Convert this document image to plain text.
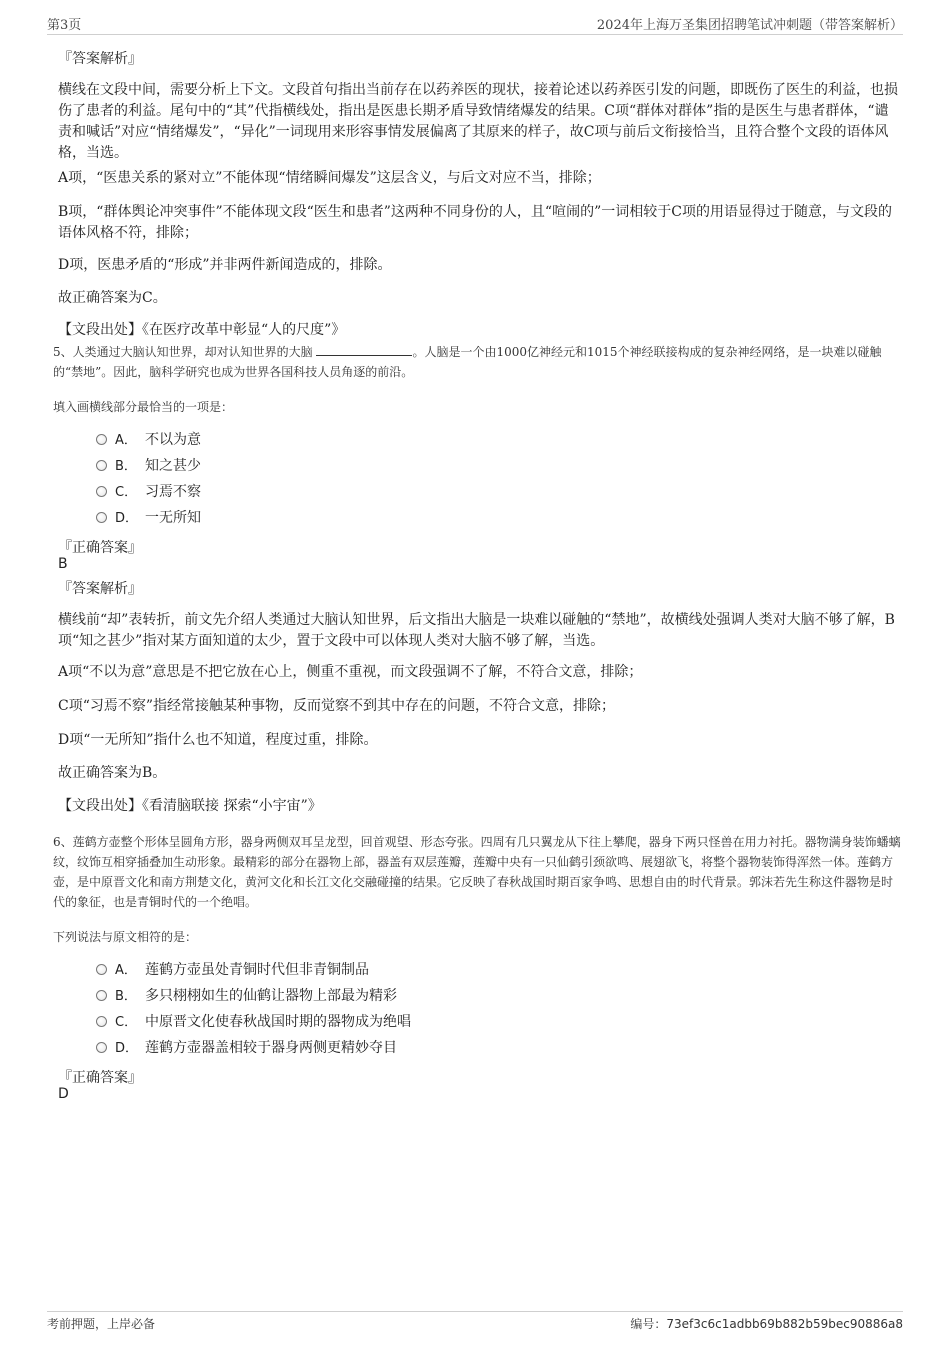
第3页	2024年上海万圣集团招聘笔试冲刺题（带答案解析）
『答案解析』
横线在文段中间，需要分析上下文。文段首句指出当前存在以药养医的现状，接着论述以药养医引发的问题，即既伤了医生的利益，也损伤了患者的利益。尾句中的“其”代指横线处，指出是医患长期矛盾导致情绪爆发的结果。C项“群体对群体”指的是医生与患者群体，“谴责和喊话”对应“情绪爆发”，“异化”一词现用来形容事情发展偏离了其原来的样子，故C项与前后文衔接恰当，且符合整个文段的语体风格，当选。
A项，“医患关系的紧对立”不能体现“情绪瞬间爆发”这层含义，与后文对应不当，排除；
B项，“群体舆论冲突事件”不能体现文段“医生和患者”这两种不同身份的人，且“喧闹的”一词相较于C项的用语显得过于随意，与文段的语体风格不符，排除；
D项，医患矛盾的“形成”并非两件新闻造成的，排除。
故正确答案为C。
【文段出处】《在医疗改革中彰显“人的尺度”》
5、人类通过大脑认知世界，却对认知世界的大脑	。人脑是一个由1000亿神经元和1015个神经联接构成的复杂神经网络，是一块难以碰触的“禁地”。因此，脑科学研究也成为世界各国科技人员角逐的前沿。
填入画横线部分最恰当的一项是：
A． 不以为意
B． 知之甚少
C． 习焉不察
D． 一无所知
『正确答案』
B
『答案解析』
横线前“却”表转折，前文先介绍人类通过大脑认知世界，后文指出大脑是一块难以碰触的“禁地”，故横线处强调人类对大脑不够了解，B项“知之甚少”指对某方面知道的太少，置于文段中可以体现人类对大脑不够了解，当选。
A项“不以为意”意思是不把它放在心上，侧重不重视，而文段强调不了解，不符合文意，排除；
C项“习焉不察”指经常接触某种事物，反而觉察不到其中存在的问题，不符合文意，排除；
D项“一无所知”指什么也不知道，程度过重，排除。
故正确答案为B。
【文段出处】《看清脑联接 探索“小宇宙”》
6、莲鹤方壶整个形体呈圆角方形，器身两侧双耳呈龙型，回首观望、形态夸张。四周有几只翼龙从下往上攀爬，器身下两只怪兽在用力衬托。器物满身装饰蟠螭纹，纹饰互相穿插叠加生动形象。最精彩的部分在器物上部，器盖有双层莲瓣，莲瓣中央有一只仙鹤引颈欲鸣、展翅欲飞，将整个器物装饰得浑然一体。莲鹤方壶，是中原晋文化和南方荆楚文化，黄河文化和长江文化交融碰撞的结果。它反映了春秋战国时期百家争鸣、思想自由的时代背景。郭沫若先生称这件器物是时代的象征，也是青铜时代的一个绝唱。
下列说法与原文相符的是：
A． 莲鹤方壶虽处青铜时代但非青铜制品
B． 多只栩栩如生的仙鹤让器物上部最为精彩
C． 中原晋文化使春秋战国时期的器物成为绝唱
D． 莲鹤方壶器盖相较于器身两侧更精妙夺目
『正确答案』
D
考前押题，上岸必备	编号：73ef3c6c1adbb69b882b59bec90886a8
